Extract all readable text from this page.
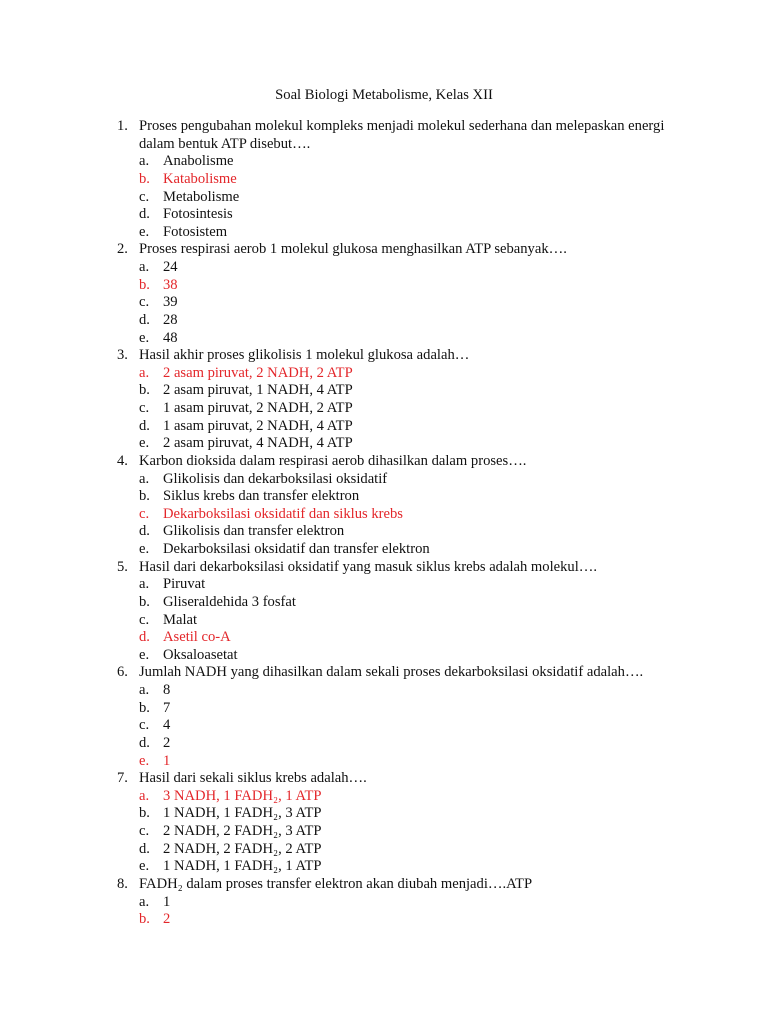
Soal Biologi Metabolisme, Kelas XII
1. Proses pengubahan molekul kompleks menjadi molekul sederhana dan melepaskan energi
dalam bentuk ATP disebut….
a. Anabolisme
b. Katabolisme
c. Metabolisme
d. Fotosintesis
e. Fotosistem
2. Proses respirasi aerob 1 molekul glukosa menghasilkan ATP sebanyak….
a. 24
b. 38
c. 39
d. 28
e. 48
3. Hasil akhir proses glikolisis 1 molekul glukosa adalah…
a. 2 asam piruvat, 2 NADH, 2 ATP
b. 2 asam piruvat, 1 NADH, 4 ATP
c. 1 asam piruvat, 2 NADH, 2 ATP
d. 1 asam piruvat, 2 NADH, 4 ATP
e. 2 asam piruvat, 4 NADH, 4 ATP
4. Karbon dioksida dalam respirasi aerob dihasilkan dalam proses….
a. Glikolisis dan dekarboksilasi oksidatif
b. Siklus krebs dan transfer elektron
c. Dekarboksilasi oksidatif dan siklus krebs
d. Glikolisis dan transfer elektron
e. Dekarboksilasi oksidatif dan transfer elektron
5. Hasil dari dekarboksilasi oksidatif yang masuk siklus krebs adalah molekul….
a. Piruvat
b. Gliseraldehida 3 fosfat
c. Malat
d. Asetil co-A
e. Oksaloasetat
6. Jumlah NADH yang dihasilkan dalam sekali proses dekarboksilasi oksidatif adalah….
a. 8
b. 7
c. 4
d. 2
e. 1
7. Hasil dari sekali siklus krebs adalah….
a. 3 NADH, 1 FADH₂, 1 ATP
b. 1 NADH, 1 FADH₂, 3 ATP
c. 2 NADH, 2 FADH₂, 3 ATP
d. 2 NADH, 2 FADH₂, 2 ATP
e. 1 NADH, 1 FADH₂, 1 ATP
8. FADH₂ dalam proses transfer elektron akan diubah menjadi….ATP
a. 1
b. 2
